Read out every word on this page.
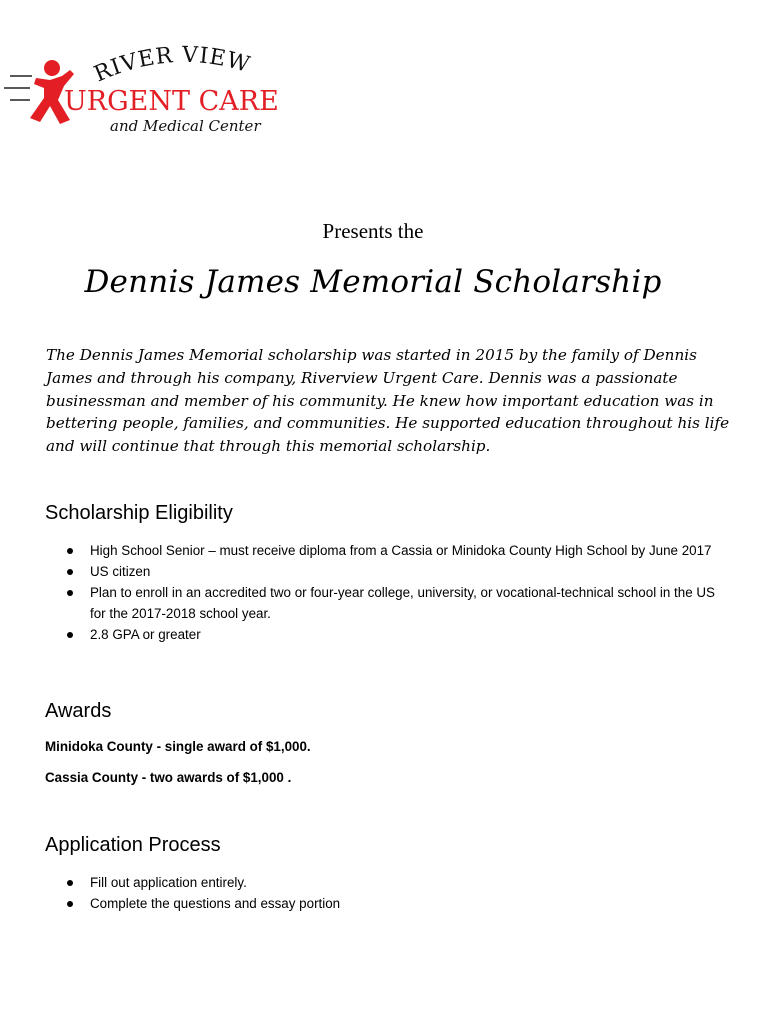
RIVER VIEW
URGENT CARE
and Medical Center
Presents the
Dennis James Memorial Scholarship
The Dennis James Memorial scholarship was started in 2015 by the family of Dennis James and through his company, Riverview Urgent Care. Dennis was a passionate businessman and member of his community. He knew how important education was in bettering people, families, and communities. He supported education throughout his life and will continue that through this memorial scholarship.
Scholarship Eligibility
High School Senior – must receive diploma from a Cassia or Minidoka County High School by June 2017
US citizen
Plan to enroll in an accredited two or four-year college, university, or vocational-technical school in the US for the 2017-2018 school year.
2.8 GPA or greater
Awards
Minidoka County - single award of $1,000.
Cassia County - two awards of $1,000 .
Application Process
Fill out application entirely.
Complete the questions and essay portion
